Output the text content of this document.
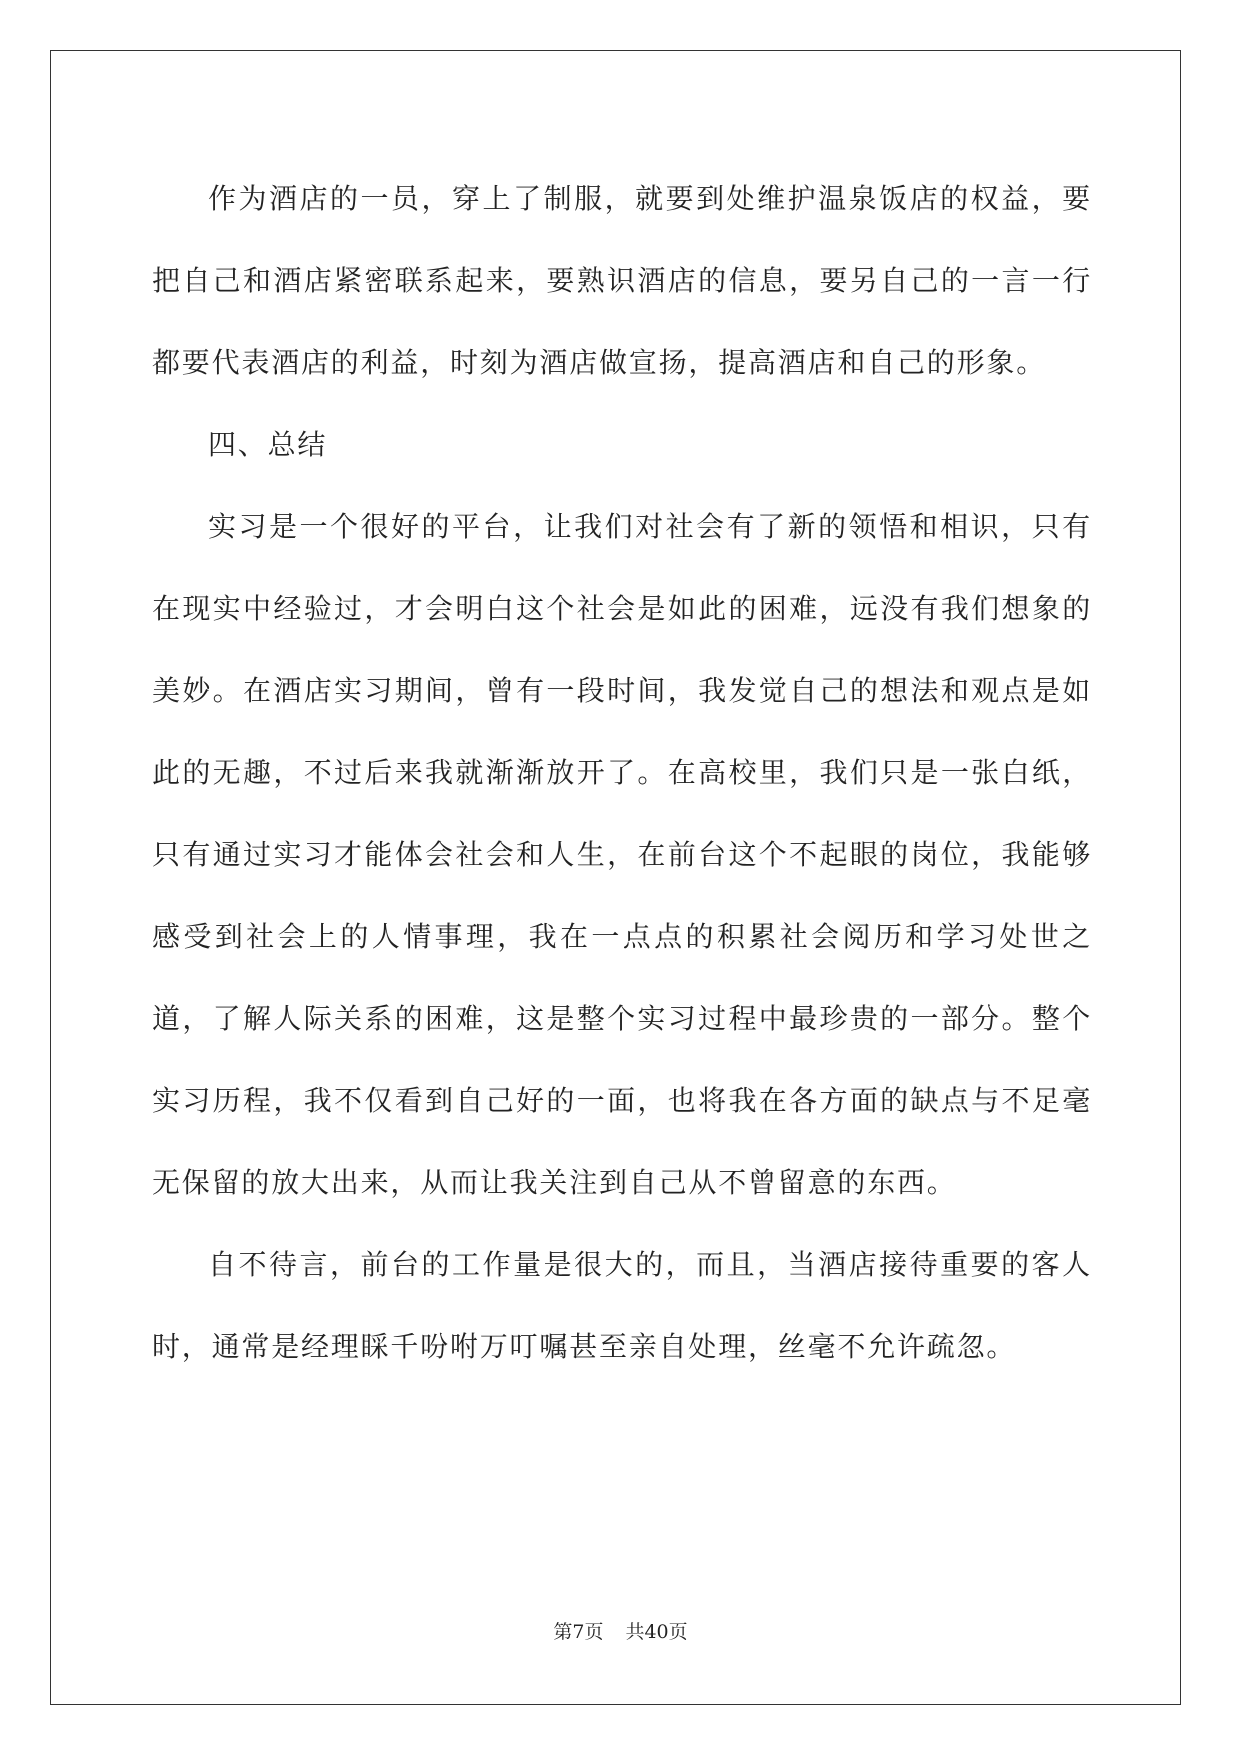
作为酒店的一员，穿上了制服，就要到处维护温泉饭店的权益，要把自己和酒店紧密联系起来，要熟识酒店的信息，要另自己的一言一行都要代表酒店的利益，时刻为酒店做宣扬，提高酒店和自己的形象。

四、总结

实习是一个很好的平台，让我们对社会有了新的领悟和相识，只有在现实中经验过，才会明白这个社会是如此的困难，远没有我们想象的美妙。在酒店实习期间，曾有一段时间，我发觉自己的想法和观点是如此的无趣，不过后来我就渐渐放开了。在高校里，我们只是一张白纸，只有通过实习才能体会社会和人生，在前台这个不起眼的岗位，我能够感受到社会上的人情事理，我在一点点的积累社会阅历和学习处世之道，了解人际关系的困难，这是整个实习过程中最珍贵的一部分。整个实习历程，我不仅看到自己好的一面，也将我在各方面的缺点与不足毫无保留的放大出来，从而让我关注到自己从不曾留意的东西。

自不待言，前台的工作量是很大的，而且，当酒店接待重要的客人时，通常是经理睬千吩咐万叮嘱甚至亲自处理，丝毫不允许疏忽。

第7页 共40页
